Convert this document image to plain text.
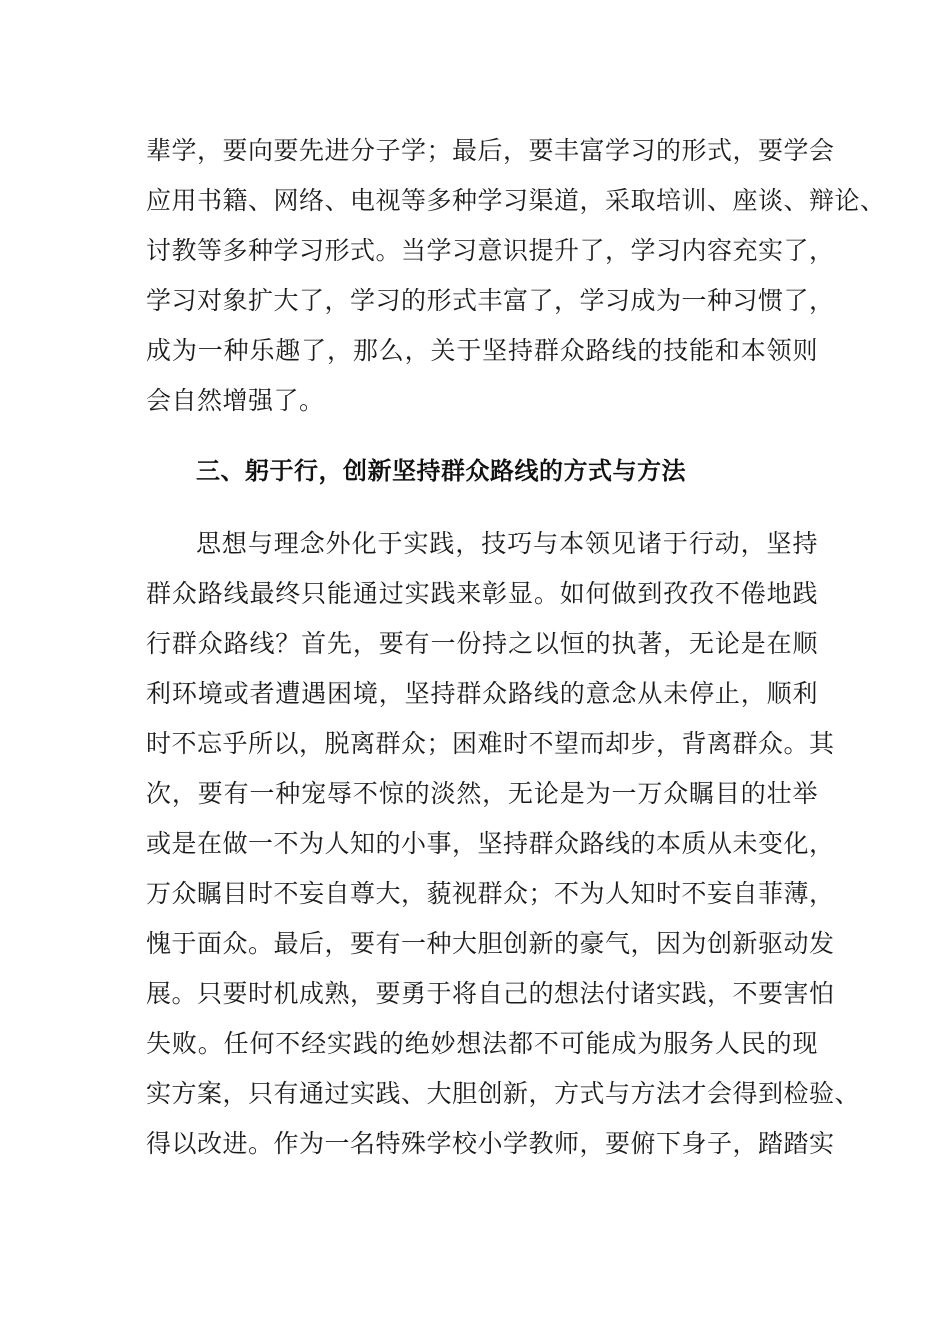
辈学，要向要先进分子学；最后，要丰富学习的形式，要学会
应用书籍、网络、电视等多种学习渠道，采取培训、座谈、辩论、
讨教等多种学习形式。当学习意识提升了，学习内容充实了，
学习对象扩大了，学习的形式丰富了，学习成为一种习惯了，
成为一种乐趣了，那么，关于坚持群众路线的技能和本领则
会自然增强了。
三、躬于行，创新坚持群众路线的方式与方法
思想与理念外化于实践，技巧与本领见诸于行动，坚持
群众路线最终只能通过实践来彰显。如何做到孜孜不倦地践
行群众路线？首先，要有一份持之以恒的执著，无论是在顺
利环境或者遭遇困境，坚持群众路线的意念从未停止，顺利
时不忘乎所以，脱离群众；困难时不望而却步，背离群众。其
次，要有一种宠辱不惊的淡然，无论是为一万众瞩目的壮举
或是在做一不为人知的小事，坚持群众路线的本质从未变化，
万众瞩目时不妄自尊大，藐视群众；不为人知时不妄自菲薄，
愧于面众。最后，要有一种大胆创新的豪气，因为创新驱动发
展。只要时机成熟，要勇于将自己的想法付诸实践，不要害怕
失败。任何不经实践的绝妙想法都不可能成为服务人民的现
实方案，只有通过实践、大胆创新，方式与方法才会得到检验、
得以改进。作为一名特殊学校小学教师，要俯下身子，踏踏实
